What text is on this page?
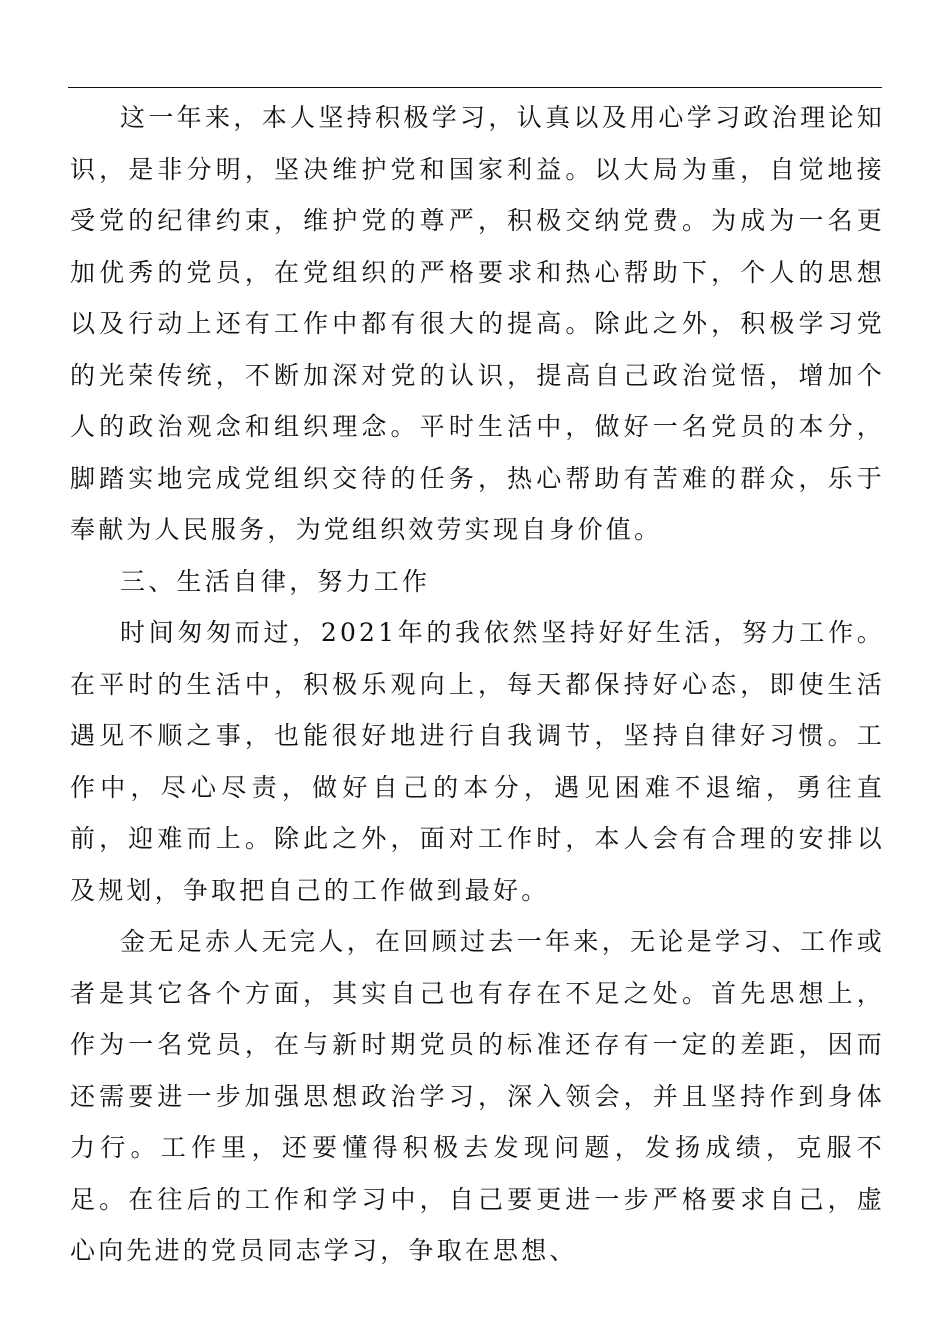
这一年来，本人坚持积极学习，认真以及用心学习政治理论知识，是非分明，坚决维护党和国家利益。以大局为重，自觉地接受党的纪律约束，维护党的尊严，积极交纳党费。为成为一名更加优秀的党员，在党组织的严格要求和热心帮助下，个人的思想以及行动上还有工作中都有很大的提高。除此之外，积极学习党的光荣传统，不断加深对党的认识，提高自己政治觉悟，增加个人的政治观念和组织理念。平时生活中，做好一名党员的本分，脚踏实地完成党组织交待的任务，热心帮助有苦难的群众，乐于奉献为人民服务，为党组织效劳实现自身价值。

三、生活自律，努力工作

时间匆匆而过，2021年的我依然坚持好好生活，努力工作。在平时的生活中，积极乐观向上，每天都保持好心态，即使生活遇见不顺之事，也能很好地进行自我调节，坚持自律好习惯。工作中，尽心尽责，做好自己的本分，遇见困难不退缩，勇往直前，迎难而上。除此之外，面对工作时，本人会有合理的安排以及规划，争取把自己的工作做到最好。

金无足赤人无完人，在回顾过去一年来，无论是学习、工作或者是其它各个方面，其实自己也有存在不足之处。首先思想上，作为一名党员，在与新时期党员的标准还存有一定的差距，因而还需要进一步加强思想政治学习，深入领会，并且坚持作到身体力行。工作里，还要懂得积极去发现问题，发扬成绩，克服不足。在往后的工作和学习中，自己要更进一步严格要求自己，虚心向先进的党员同志学习，争取在思想、
